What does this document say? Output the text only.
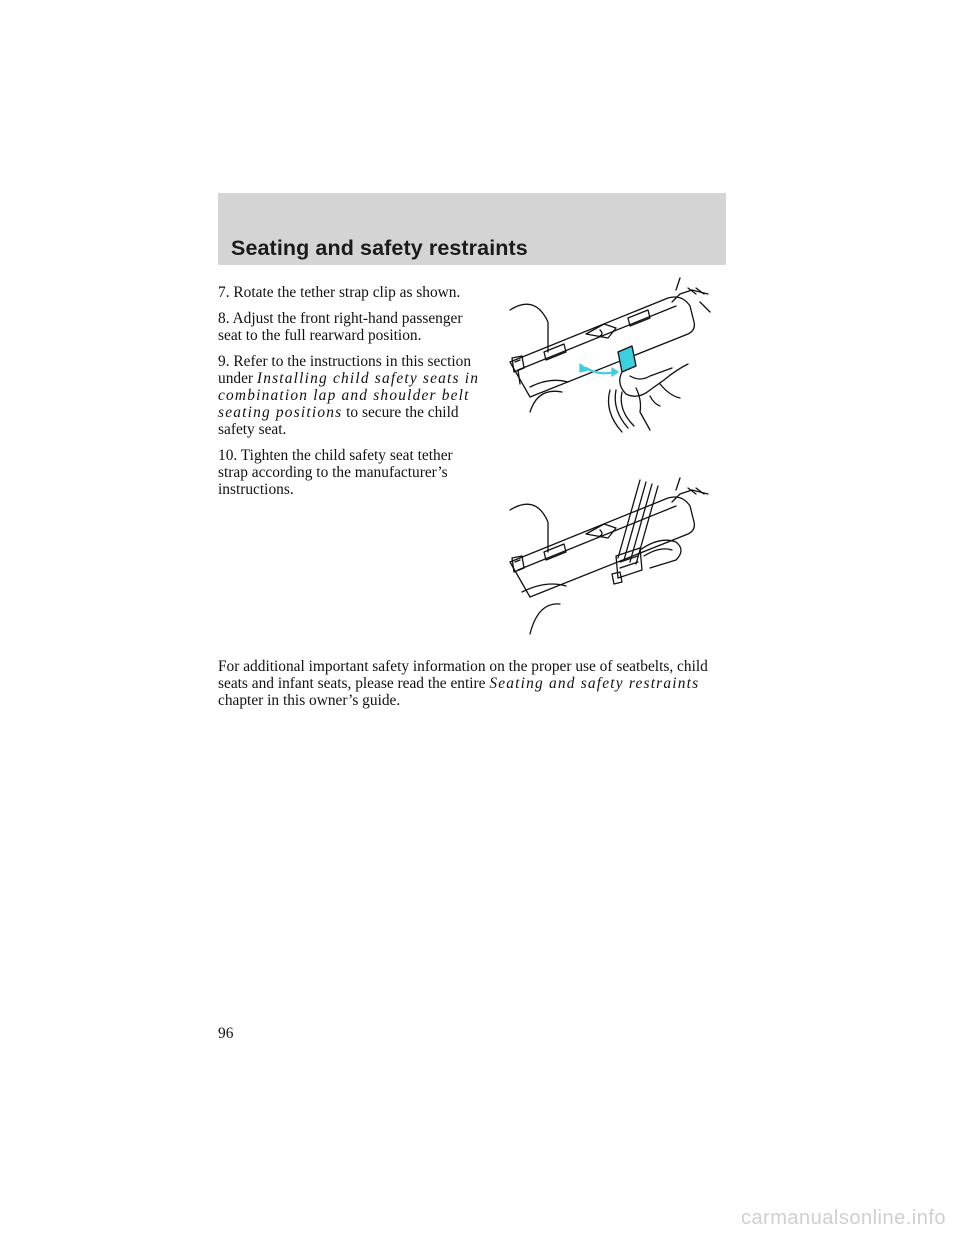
Seating and safety restraints

7. Rotate the tether strap clip as shown.

8. Adjust the front right-hand passenger seat to the full rearward position.

9. Refer to the instructions in this section under Installing child safety seats in combination lap and shoulder belt seating positions to secure the child safety seat.

10. Tighten the child safety seat tether strap according to the manufacturer’s instructions.

For additional important safety information on the proper use of seatbelts, child seats and infant seats, please read the entire Seating and safety restraints chapter in this owner’s guide.

96

carmanualsonline.info
